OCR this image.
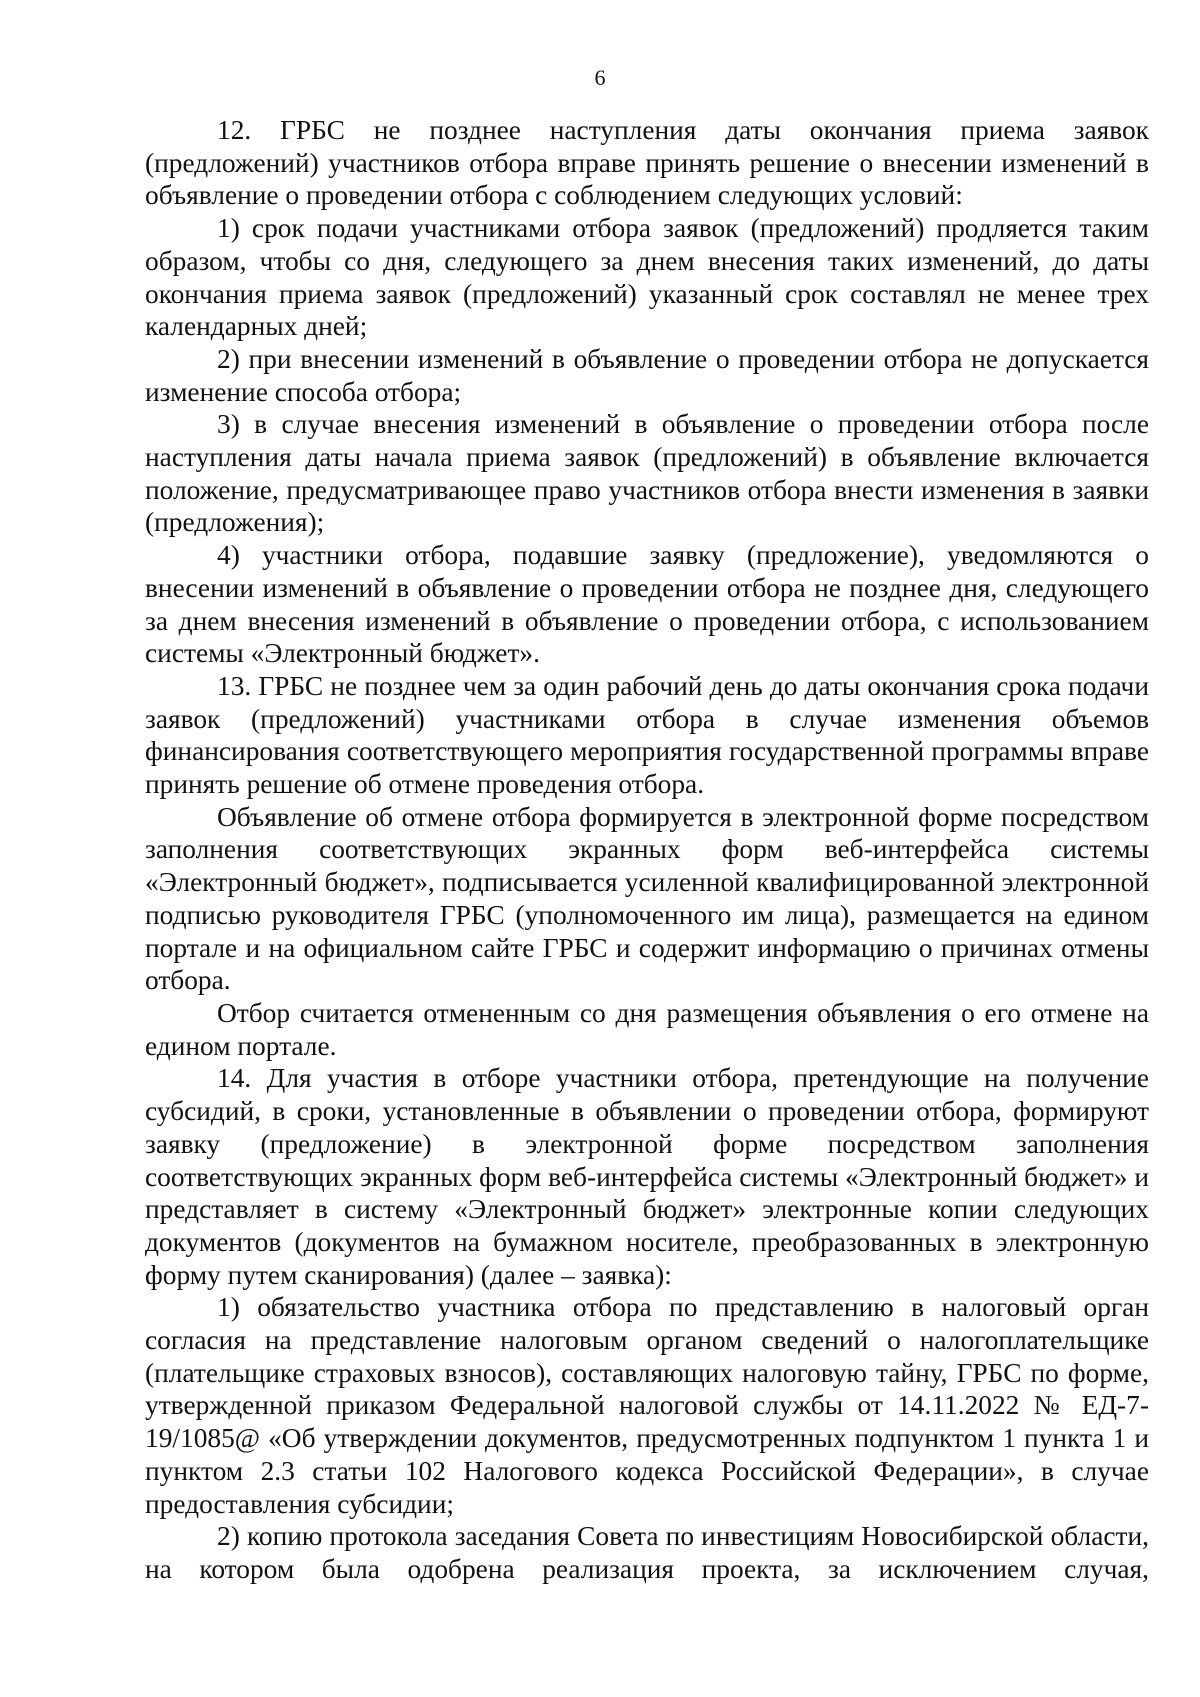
6

12. ГРБС не позднее наступления даты окончания приема заявок (предложений) участников отбора вправе принять решение о внесении изменений в объявление о проведении отбора с соблюдением следующих условий:

1) срок подачи участниками отбора заявок (предложений) продляется таким образом, чтобы со дня, следующего за днем внесения таких изменений, до даты окончания приема заявок (предложений) указанный срок составлял не менее трех календарных дней;

2) при внесении изменений в объявление о проведении отбора не допускается изменение способа отбора;

3) в случае внесения изменений в объявление о проведении отбора после наступления даты начала приема заявок (предложений) в объявление включается положение, предусматривающее право участников отбора внести изменения в заявки (предложения);

4) участники отбора, подавшие заявку (предложение), уведомляются о внесении изменений в объявление о проведении отбора не позднее дня, следующего за днем внесения изменений в объявление о проведении отбора, с использованием системы «Электронный бюджет».

13. ГРБС не позднее чем за один рабочий день до даты окончания срока подачи заявок (предложений) участниками отбора в случае изменения объемов финансирования соответствующего мероприятия государственной программы вправе принять решение об отмене проведения отбора.

Объявление об отмене отбора формируется в электронной форме посредством заполнения соответствующих экранных форм веб-интерфейса системы «Электронный бюджет», подписывается усиленной квалифицированной электронной подписью руководителя ГРБС (уполномоченного им лица), размещается на едином портале и на официальном сайте ГРБС и содержит информацию о причинах отмены отбора.

Отбор считается отмененным со дня размещения объявления о его отмене на едином портале.

14. Для участия в отборе участники отбора, претендующие на получение субсидий, в сроки, установленные в объявлении о проведении отбора, формируют заявку (предложение) в электронной форме посредством заполнения соответствующих экранных форм веб-интерфейса системы «Электронный бюджет» и представляет в систему «Электронный бюджет» электронные копии следующих документов (документов на бумажном носителе, преобразованных в электронную форму путем сканирования) (далее – заявка):

1) обязательство участника отбора по представлению в налоговый орган согласия на представление налоговым органом сведений о налогоплательщике (плательщике страховых взносов), составляющих налоговую тайну, ГРБС по форме, утвержденной приказом Федеральной налоговой службы от 14.11.2022 № ЕД-7-19/1085@ «Об утверждении документов, предусмотренных подпунктом 1 пункта 1 и пунктом 2.3 статьи 102 Налогового кодекса Российской Федерации», в случае предоставления субсидии;

2) копию протокола заседания Совета по инвестициям Новосибирской области, на котором была одобрена реализация проекта, за исключением случая,
